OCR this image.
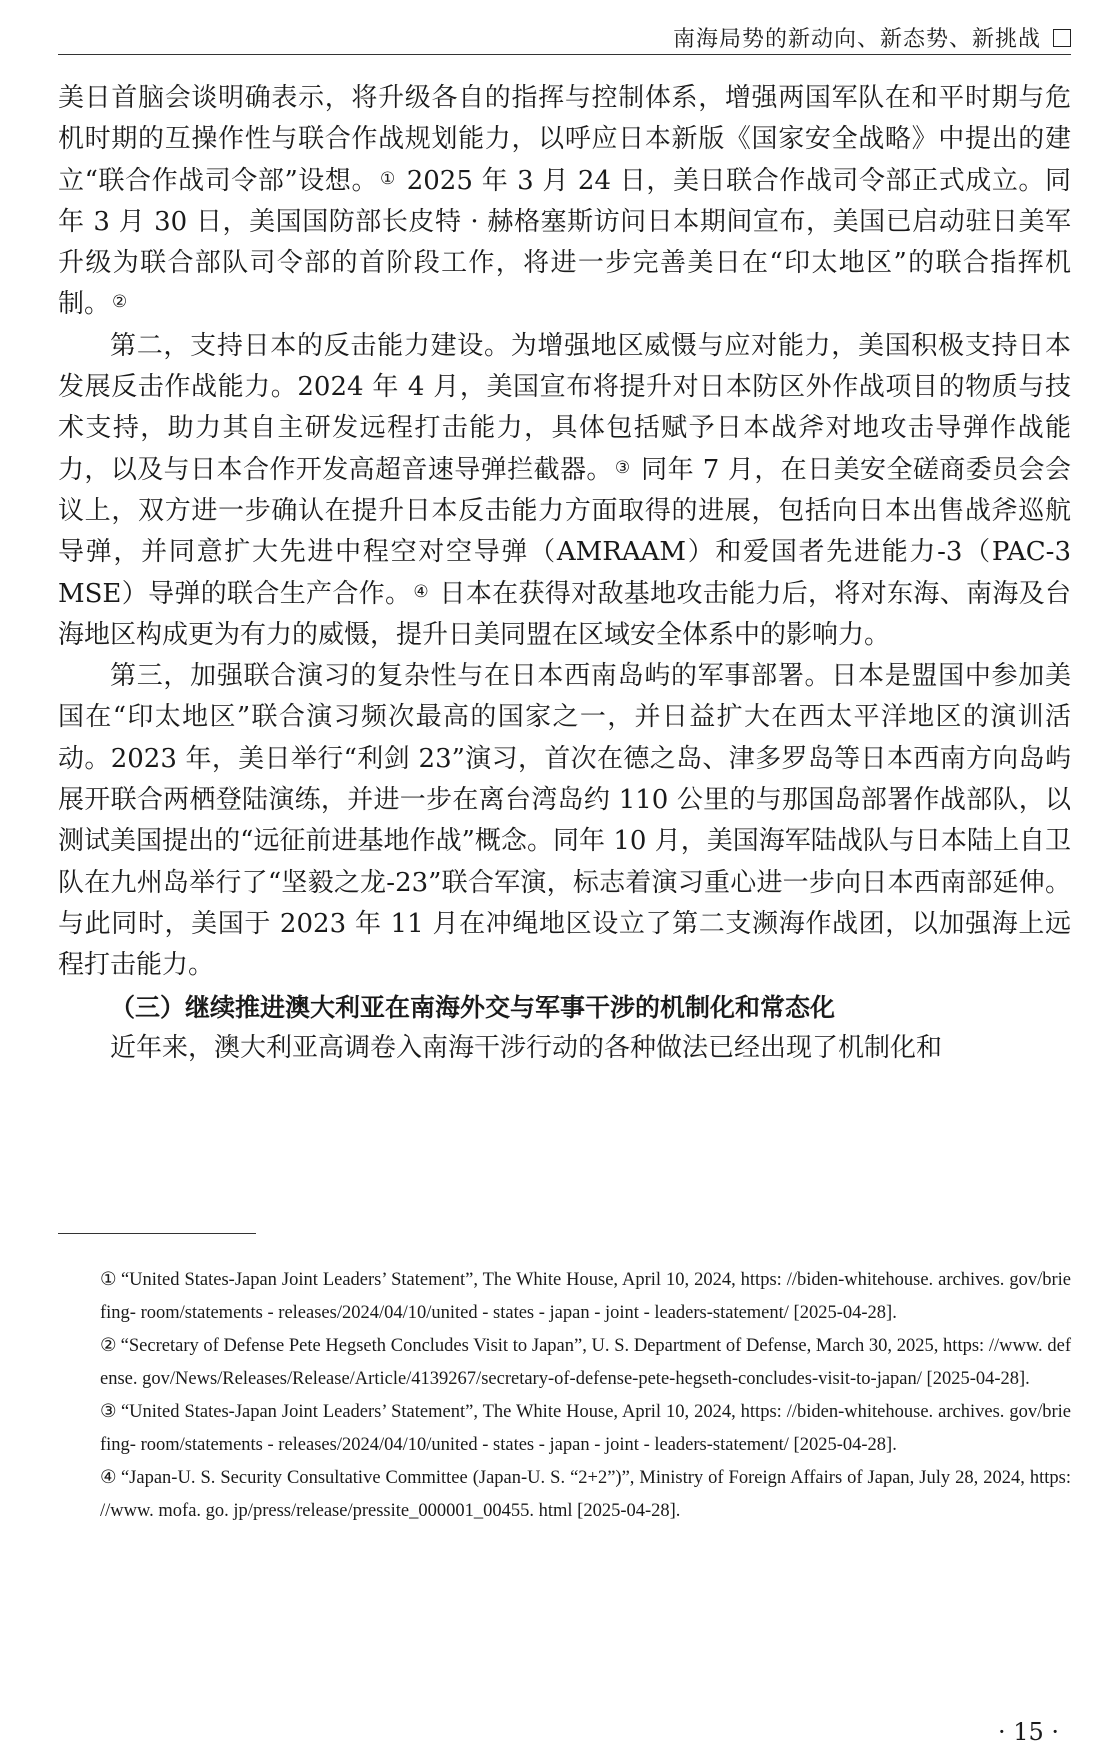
南海局势的新动向、新态势、新挑战

美日首脑会谈明确表示，将升级各自的指挥与控制体系，增强两国军队在和平时期与危机时期的互操作性与联合作战规划能力，以呼应日本新版《国家安全战略》中提出的建立“联合作战司令部”设想。 ① 2025 年 3 月 24 日，美日联合作战司令部正式成立。同年 3 月 30 日，美国国防部长皮特 · 赫格塞斯访问日本期间宣布，美国已启动驻日美军升级为联合部队司令部的首阶段工作，将进一步完善美日在“印太地区”的联合指挥机制。 ②

第二，支持日本的反击能力建设。为增强地区威慑与应对能力，美国积极支持日本发展反击作战能力。2024 年 4 月，美国宣布将提升对日本防区外作战项目的物质与技术支持，助力其自主研发远程打击能力，具体包括赋予日本战斧对地攻击导弹作战能力，以及与日本合作开发高超音速导弹拦截器。 ③ 同年 7 月，在日美安全磋商委员会会议上，双方进一步确认在提升日本反击能力方面取得的进展，包括向日本出售战斧巡航导弹，并同意扩大先进中程空对空导弹（AMRAAM）和爱国者先进能力-3（PAC-3 MSE）导弹的联合生产合作。 ④ 日本在获得对敌基地攻击能力后，将对东海、南海及台海地区构成更为有力的威慑，提升日美同盟在区域安全体系中的影响力。

第三，加强联合演习的复杂性与在日本西南岛屿的军事部署。日本是盟国中参加美国在“印太地区”联合演习频次最高的国家之一，并日益扩大在西太平洋地区的演训活动。2023 年，美日举行“利剑 23”演习，首次在德之岛、津多罗岛等日本西南方向岛屿展开联合两栖登陆演练，并进一步在离台湾岛约 110 公里的与那国岛部署作战部队，以测试美国提出的“远征前进基地作战”概念。同年 10 月，美国海军陆战队与日本陆上自卫队在九州岛举行了“坚毅之龙-23”联合军演，标志着演习重心进一步向日本西南部延伸。与此同时，美国于 2023 年 11 月在冲绳地区设立了第二支濒海作战团，以加强海上远程打击能力。

（三）继续推进澳大利亚在南海外交与军事干涉的机制化和常态化

近年来，澳大利亚高调卷入南海干涉行动的各种做法已经出现了机制化和

① “United States-Japan Joint Leaders’ Statement”, The White House, April 10, 2024, https: //biden-whitehouse. archives. gov/briefing- room/statements - releases/2024/04/10/united - states - japan - joint - leaders-statement/ [2025-04-28].
② “Secretary of Defense Pete Hegseth Concludes Visit to Japan”, U. S. Department of Defense, March 30, 2025, https: //www. defense. gov/News/Releases/Release/Article/4139267/secretary-of-defense-pete-hegseth-concludes-visit-to-japan/ [2025-04-28].
③ “United States-Japan Joint Leaders’ Statement”, The White House, April 10, 2024, https: //biden-whitehouse. archives. gov/briefing- room/statements - releases/2024/04/10/united - states - japan - joint - leaders-statement/ [2025-04-28].
④ “Japan-U. S. Security Consultative Committee (Japan-U. S. “2+2”)”, Ministry of Foreign Affairs of Japan, July 28, 2024, https: //www. mofa. go. jp/press/release/pressite_000001_00455. html [2025-04-28].
· 15 ·
